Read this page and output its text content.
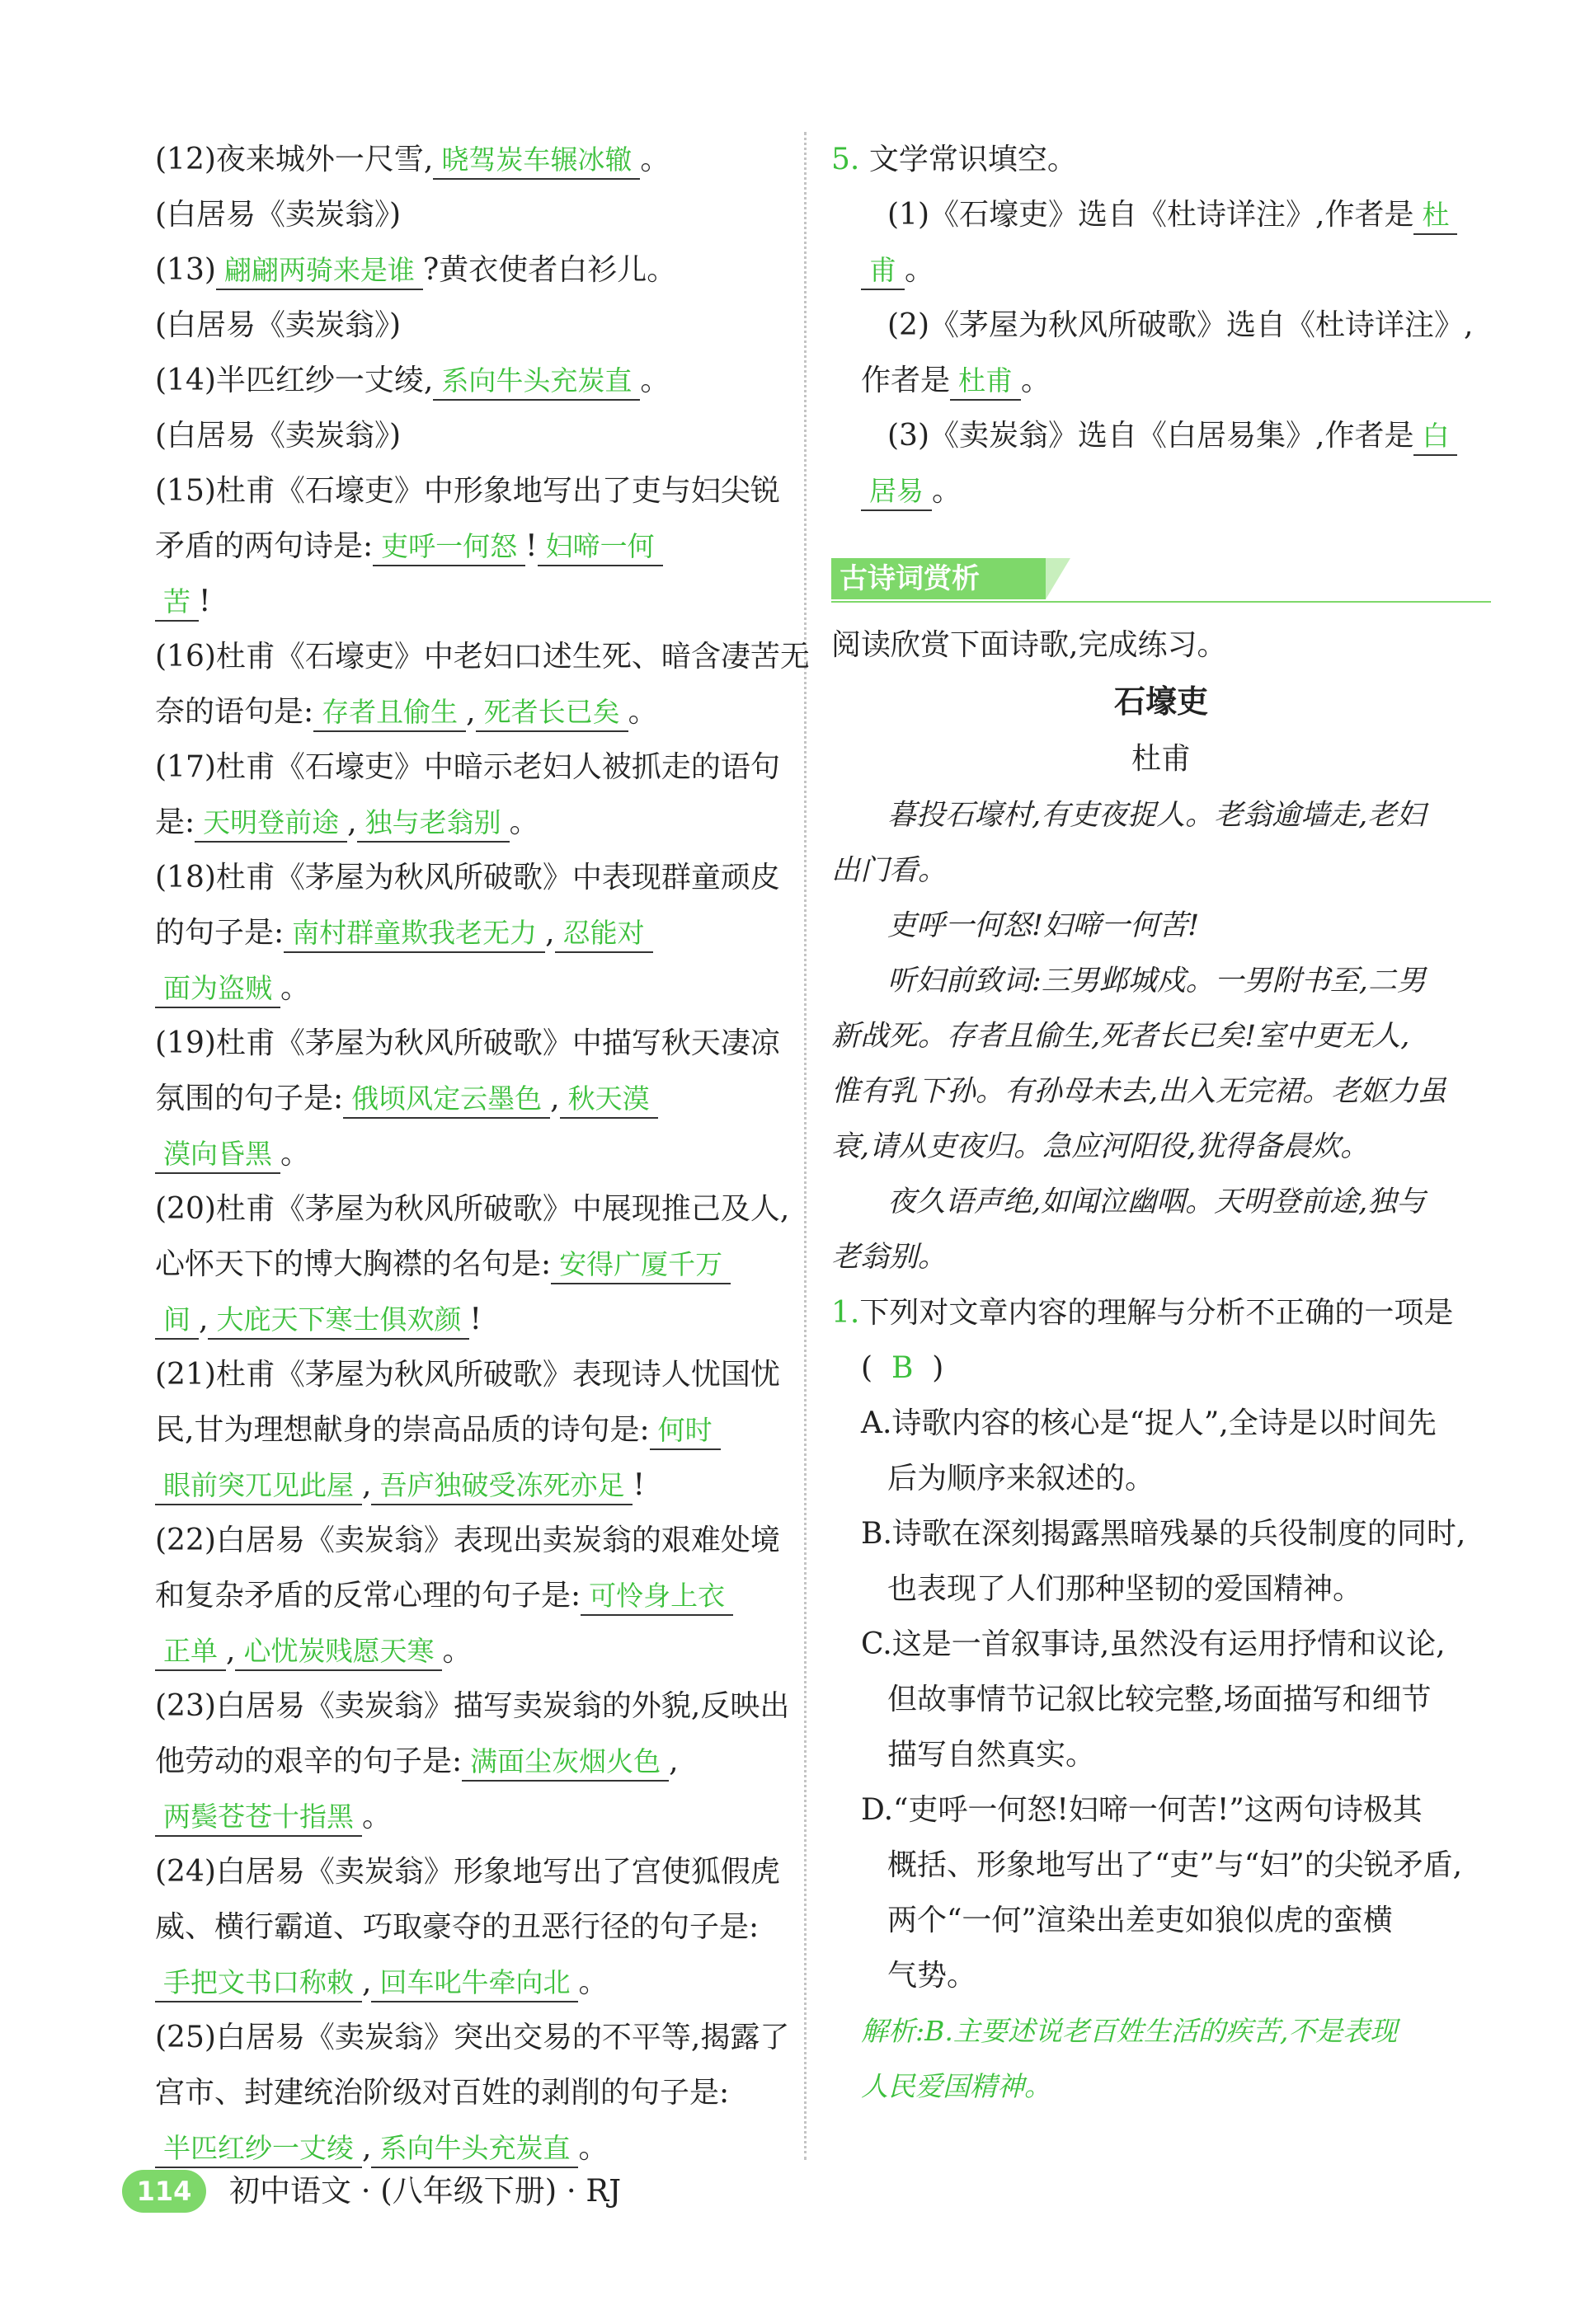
(12)夜来城外一尺雪, 晓驾炭车辗冰辙 。
(白居易《卖炭翁》)
(13) 翩翩两骑来是谁 ?黄衣使者白衫儿。
(白居易《卖炭翁》)
(14)半匹红纱一丈绫, 系向牛头充炭直 。
(白居易《卖炭翁》)
(15)杜甫《石壕吏》中形象地写出了吏与妇尖锐
矛盾的两句诗是: 吏呼一何怒 ! 妇啼一何
苦 !
(16)杜甫《石壕吏》中老妇口述生死、暗含凄苦无
奈的语句是: 存者且偷生 , 死者长已矣 。
(17)杜甫《石壕吏》中暗示老妇人被抓走的语句
是: 天明登前途 , 独与老翁别 。
(18)杜甫《茅屋为秋风所破歌》中表现群童顽皮
的句子是: 南村群童欺我老无力 , 忍能对
面为盗贼 。
(19)杜甫《茅屋为秋风所破歌》中描写秋天凄凉
氛围的句子是: 俄顷风定云墨色 , 秋天漠
漠向昏黑 。
(20)杜甫《茅屋为秋风所破歌》中展现推己及人,
心怀天下的博大胸襟的名句是: 安得广厦千万
间 , 大庇天下寒士俱欢颜 !
(21)杜甫《茅屋为秋风所破歌》表现诗人忧国忧
民,甘为理想献身的崇高品质的诗句是: 何时
眼前突兀见此屋 , 吾庐独破受冻死亦足 !
(22)白居易《卖炭翁》表现出卖炭翁的艰难处境
和复杂矛盾的反常心理的句子是: 可怜身上衣
正单 , 心忧炭贱愿天寒 。
(23)白居易《卖炭翁》描写卖炭翁的外貌,反映出
他劳动的艰辛的句子是: 满面尘灰烟火色 ,
两鬓苍苍十指黑 。
(24)白居易《卖炭翁》形象地写出了宫使狐假虎
威、横行霸道、巧取豪夺的丑恶行径的句子是:
手把文书口称敕 , 回车叱牛牵向北 。
(25)白居易《卖炭翁》突出交易的不平等,揭露了
宫市、封建统治阶级对百姓的剥削的句子是:
半匹红纱一丈绫 , 系向牛头充炭直 。
5. 文学常识填空。
(1)《石壕吏》选自《杜诗详注》,作者是 杜
甫 。
(2)《茅屋为秋风所破歌》选自《杜诗详注》,
作者是 杜甫 。
(3)《卖炭翁》选自《白居易集》,作者是 白
居易 。
古诗词赏析
阅读欣赏下面诗歌,完成练习。
石壕吏
杜甫
暮投石壕村,有吏夜捉人。老翁逾墙走,老妇
出门看。
吏呼一何怒!妇啼一何苦!
听妇前致词:三男邺城戍。一男附书至,二男
新战死。存者且偷生,死者长已矣!室中更无人,
惟有乳下孙。有孙母未去,出入无完裙。老妪力虽
衰,请从吏夜归。急应河阳役,犹得备晨炊。
夜久语声绝,如闻泣幽咽。天明登前途,独与
老翁别。
1.下列对文章内容的理解与分析不正确的一项是
(  B  )
A.诗歌内容的核心是“捉人”,全诗是以时间先
后为顺序来叙述的。
B.诗歌在深刻揭露黑暗残暴的兵役制度的同时,
也表现了人们那种坚韧的爱国精神。
C.这是一首叙事诗,虽然没有运用抒情和议论,
但故事情节记叙比较完整,场面描写和细节
描写自然真实。
D.“吏呼一何怒!妇啼一何苦!”这两句诗极其
概括、形象地写出了“吏”与“妇”的尖锐矛盾,
两个“一何”渲染出差吏如狼似虎的蛮横
气势。
解析:B.主要述说老百姓生活的疾苦,不是表现
人民爱国精神。
114	初中语文 · (八年级下册) · RJ
